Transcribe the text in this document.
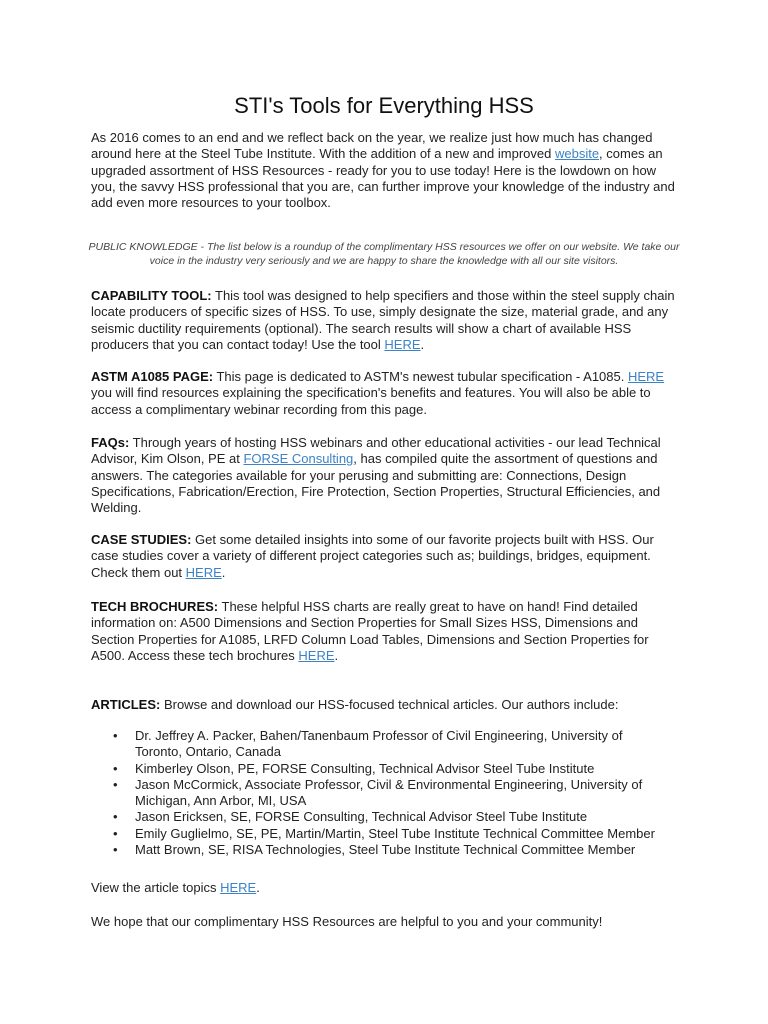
STI's Tools for Everything HSS

As 2016 comes to an end and we reflect back on the year, we realize just how much has changed around here at the Steel Tube Institute. With the addition of a new and improved website, comes an upgraded assortment of HSS Resources - ready for you to use today! Here is the lowdown on how you, the savvy HSS professional that you are, can further improve your knowledge of the industry and add even more resources to your toolbox.

PUBLIC KNOWLEDGE - The list below is a roundup of the complimentary HSS resources we offer on our website. We take our voice in the industry very seriously and we are happy to share the knowledge with all our site visitors.

CAPABILITY TOOL: This tool was designed to help specifiers and those within the steel supply chain locate producers of specific sizes of HSS. To use, simply designate the size, material grade, and any seismic ductility requirements (optional). The search results will show a chart of available HSS producers that you can contact today! Use the tool HERE.

ASTM A1085 PAGE: This page is dedicated to ASTM's newest tubular specification - A1085. HERE you will find resources explaining the specification's benefits and features. You will also be able to access a complimentary webinar recording from this page.

FAQs: Through years of hosting HSS webinars and other educational activities - our lead Technical Advisor, Kim Olson, PE at FORSE Consulting, has compiled quite the assortment of questions and answers. The categories available for your perusing and submitting are: Connections, Design Specifications, Fabrication/Erection, Fire Protection, Section Properties, Structural Efficiencies, and Welding.

CASE STUDIES: Get some detailed insights into some of our favorite projects built with HSS. Our case studies cover a variety of different project categories such as; buildings, bridges, equipment. Check them out HERE.

TECH BROCHURES: These helpful HSS charts are really great to have on hand! Find detailed information on: A500 Dimensions and Section Properties for Small Sizes HSS, Dimensions and Section Properties for A1085, LRFD Column Load Tables, Dimensions and Section Properties for A500. Access these tech brochures HERE.

ARTICLES: Browse and download our HSS-focused technical articles. Our authors include:

• Dr. Jeffrey A. Packer, Bahen/Tanenbaum Professor of Civil Engineering, University of Toronto, Ontario, Canada
• Kimberley Olson, PE, FORSE Consulting, Technical Advisor Steel Tube Institute
• Jason McCormick, Associate Professor, Civil & Environmental Engineering, University of Michigan, Ann Arbor, MI, USA
• Jason Ericksen, SE, FORSE Consulting, Technical Advisor Steel Tube Institute
• Emily Guglielmo, SE, PE, Martin/Martin, Steel Tube Institute Technical Committee Member
• Matt Brown, SE, RISA Technologies, Steel Tube Institute Technical Committee Member

View the article topics HERE.

We hope that our complimentary HSS Resources are helpful to you and your community!
